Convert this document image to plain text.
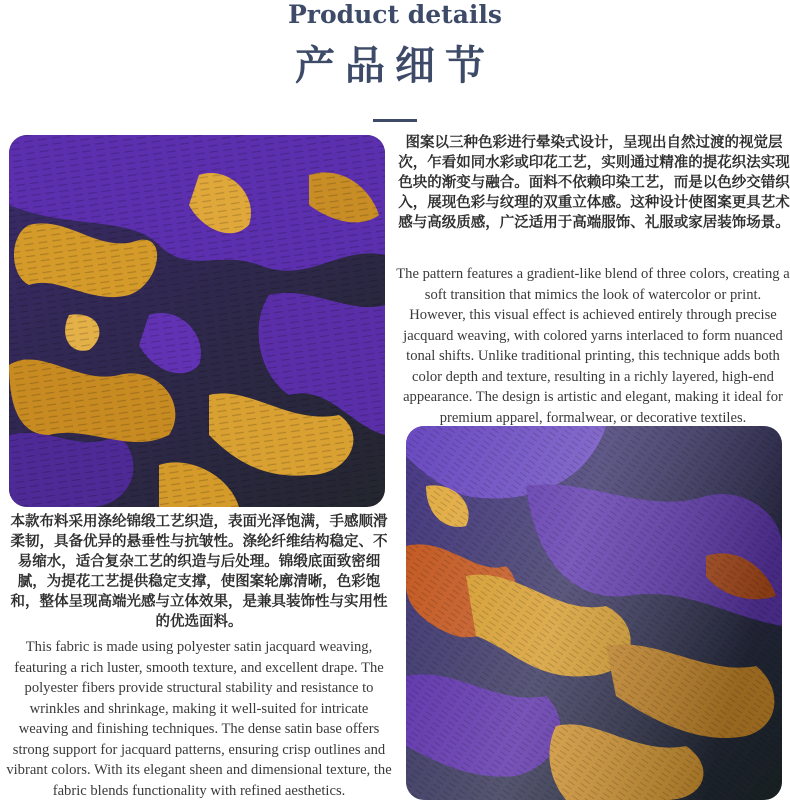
Product details
产品细节
图案以三种色彩进行晕染式设计，呈现出自然过渡的视觉层次，乍看如同水彩或印花工艺，实则通过精准的提花织法实现色块的渐变与融合。面料不依赖印染工艺，而是以色纱交错织入，展现色彩与纹理的双重立体感。这种设计使图案更具艺术感与高级质感，广泛适用于高端服饰、礼服或家居装饰场景。
The pattern features a gradient-like blend of three colors, creating a soft transition that mimics the look of watercolor or print. However, this visual effect is achieved entirely through precise jacquard weaving, with colored yarns interlaced to form nuanced tonal shifts. Unlike traditional printing, this technique adds both color depth and texture, resulting in a richly layered, high-end appearance. The design is artistic and elegant, making it ideal for premium apparel, formalwear, or decorative textiles.
本款布料采用涤纶锦缎工艺织造，表面光泽饱满，手感顺滑柔韧，具备优异的悬垂性与抗皱性。涤纶纤维结构稳定、不易缩水，适合复杂工艺的织造与后处理。锦缎底面致密细腻，为提花工艺提供稳定支撑，使图案轮廓清晰，色彩饱和，整体呈现高端光感与立体效果，是兼具装饰性与实用性的优选面料。
This fabric is made using polyester satin jacquard weaving, featuring a rich luster, smooth texture, and excellent drape. The polyester fibers provide structural stability and resistance to wrinkles and shrinkage, making it well-suited for intricate weaving and finishing techniques. The dense satin base offers strong support for jacquard patterns, ensuring crisp outlines and vibrant colors. With its elegant sheen and dimensional texture, the fabric blends functionality with refined aesthetics.
